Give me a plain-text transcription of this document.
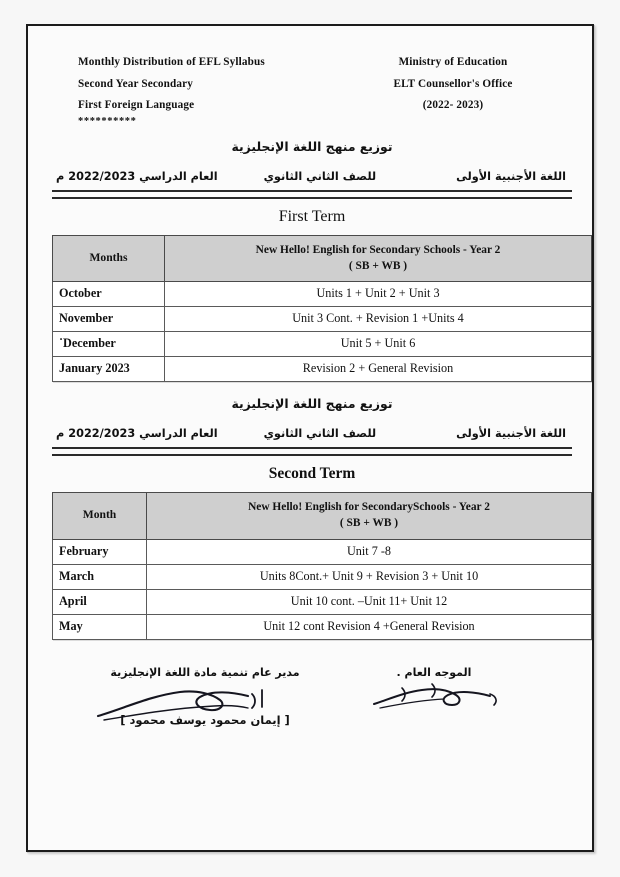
Monthly Distribution of EFL Syllabus
Second Year Secondary
First Foreign Language
**********
Ministry of Education
ELT Counsellor's Office
(2022- 2023)
توزيع منهج اللغة الإنجليزية
اللغة الأجنبية الأولى
للصف الثاني الثانوي
العام الدراسي 2022/2023 م
First Term
Months	New Hello! English for Secondary Schools - Year 2
( SB + WB )

October	Units 1 + Unit 2 + Unit 3
November	Unit 3 Cont. + Revision 1 +Units 4
˙December	Unit 5 + Unit 6
January 2023	Revision 2 + General Revision
توزيع منهج اللغة الإنجليزية
اللغة الأجنبية الأولى
للصف الثاني الثانوي
العام الدراسي 2022/2023 م
Second Term
Month	New Hello! English for SecondarySchools - Year 2
( SB + WB )

February	Unit 7 -8
March	Units 8Cont.+ Unit 9 + Revision 3 + Unit 10
April	Unit 10 cont. –Unit 11+ Unit 12
May	Unit 12 cont Revision 4 +General Revision
مدير عام تنمية مادة اللغة الإنجليزية
[ إيمان محمود يوسف محمود ]
الموجه العام .
